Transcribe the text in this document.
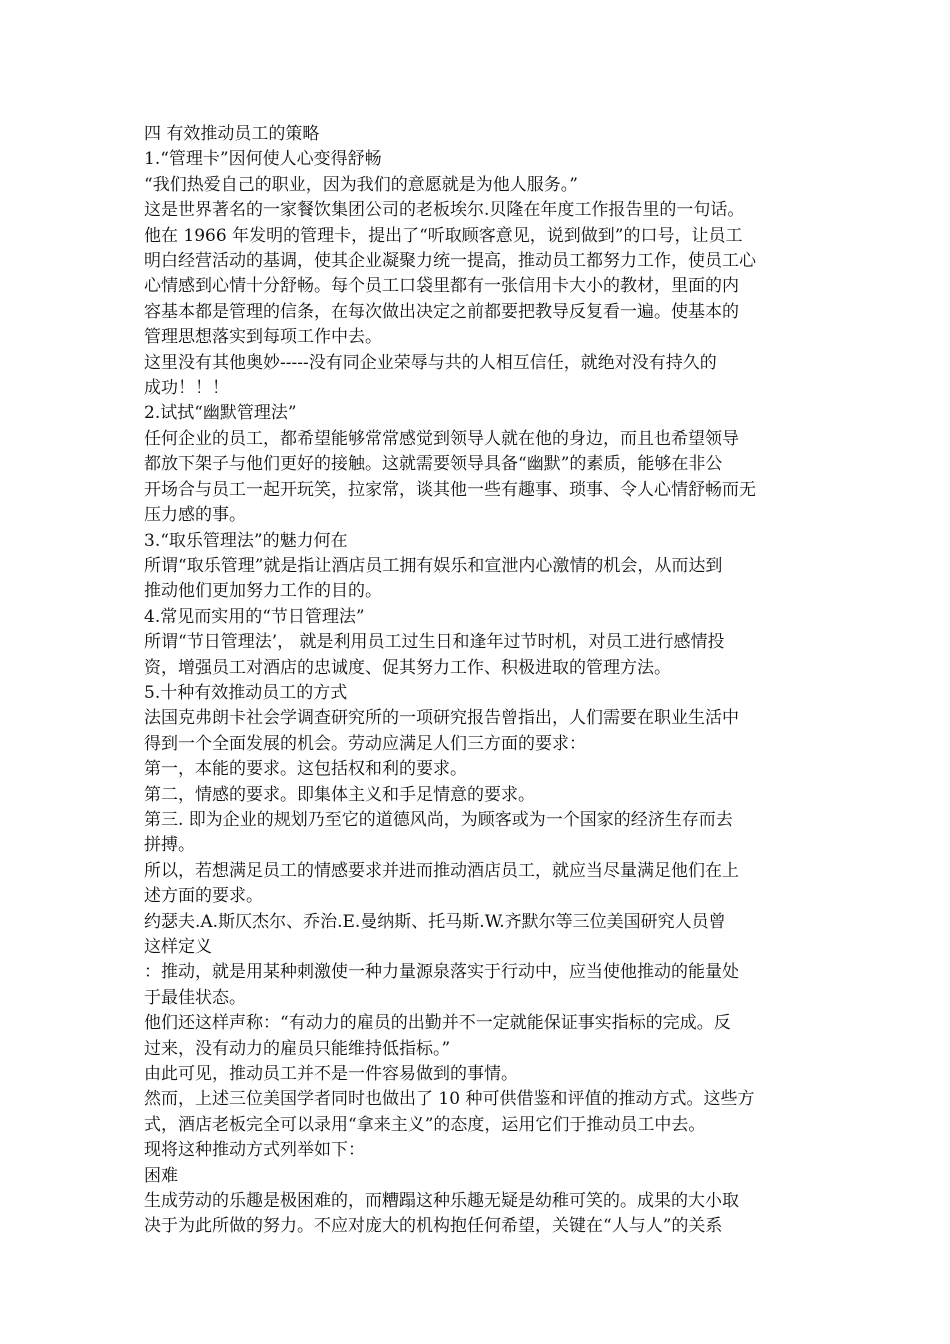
四 有效推动员工的策略

1.“管理卡”因何使人心变得舒畅

“我们热爱自己的职业，因为我们的意愿就是为他人服务。”

这是世界著名的一家餐饮集团公司的老板埃尔.贝隆在年度工作报告里的一句话。

他在 1966 年发明的管理卡，提出了“听取顾客意见，说到做到”的口号，让员工

明白经营活动的基调，使其企业凝聚力统一提高，推动员工都努力工作，使员工心

心情感到心情十分舒畅。每个员工口袋里都有一张信用卡大小的教材，里面的内

容基本都是管理的信条，在每次做出决定之前都要把教导反复看一遍。使基本的

管理思想落实到每项工作中去。

这里没有其他奥妙-----没有同企业荣辱与共的人相互信任，就绝对没有持久的

成功！！！

2.试拭“幽默管理法”

任何企业的员工，都希望能够常常感觉到领导人就在他的身边，而且也希望领导

都放下架子与他们更好的接触。这就需要领导具备“幽默”的素质，能够在非公

开场合与员工一起开玩笑，拉家常，谈其他一些有趣事、琐事、令人心情舒畅而无

压力感的事。

3.“取乐管理法”的魅力何在

所谓“取乐管理”就是指让酒店员工拥有娱乐和宣泄内心激情的机会，从而达到

推动他们更加努力工作的目的。

4.常见而实用的“节日管理法”

所谓“节日管理法’， 就是利用员工过生日和逢年过节时机，对员工进行感情投

资，增强员工对酒店的忠诚度、促其努力工作、积极进取的管理方法。

5.十种有效推动员工的方式

法国克弗朗卡社会学调查研究所的一项研究报告曾指出，人们需要在职业生活中

得到一个全面发展的机会。劳动应满足人们三方面的要求：

第一，本能的要求。这包括权和利的要求。

第二，情感的要求。即集体主义和手足情意的要求。

第三. 即为企业的规划乃至它的道德风尚，为顾客或为一个国家的经济生存而去

拼搏。

所以，若想满足员工的情感要求并进而推动酒店员工，就应当尽量满足他们在上

述方面的要求。

约瑟夫.A.斯仄杰尔、乔治.E.曼纳斯、托马斯.W.齐默尔等三位美国研究人员曾

这样定义

：推动，就是用某种刺激使一种力量源泉落实于行动中，应当使他推动的能量处

于最佳状态。

他们还这样声称：“有动力的雇员的出勤并不一定就能保证事实指标的完成。反

过来，没有动力的雇员只能维持低指标。”

由此可见，推动员工并不是一件容易做到的事情。

然而，上述三位美国学者同时也做出了 10 种可供借鉴和评值的推动方式。这些方

式，酒店老板完全可以录用“拿来主义”的态度，运用它们于推动员工中去。

现将这种推动方式列举如下：

困难

生成劳动的乐趣是极困难的，而糟蹋这种乐趣无疑是幼稚可笑的。成果的大小取

决于为此所做的努力。不应对庞大的机构抱任何希望，关键在“人与人”的关系
